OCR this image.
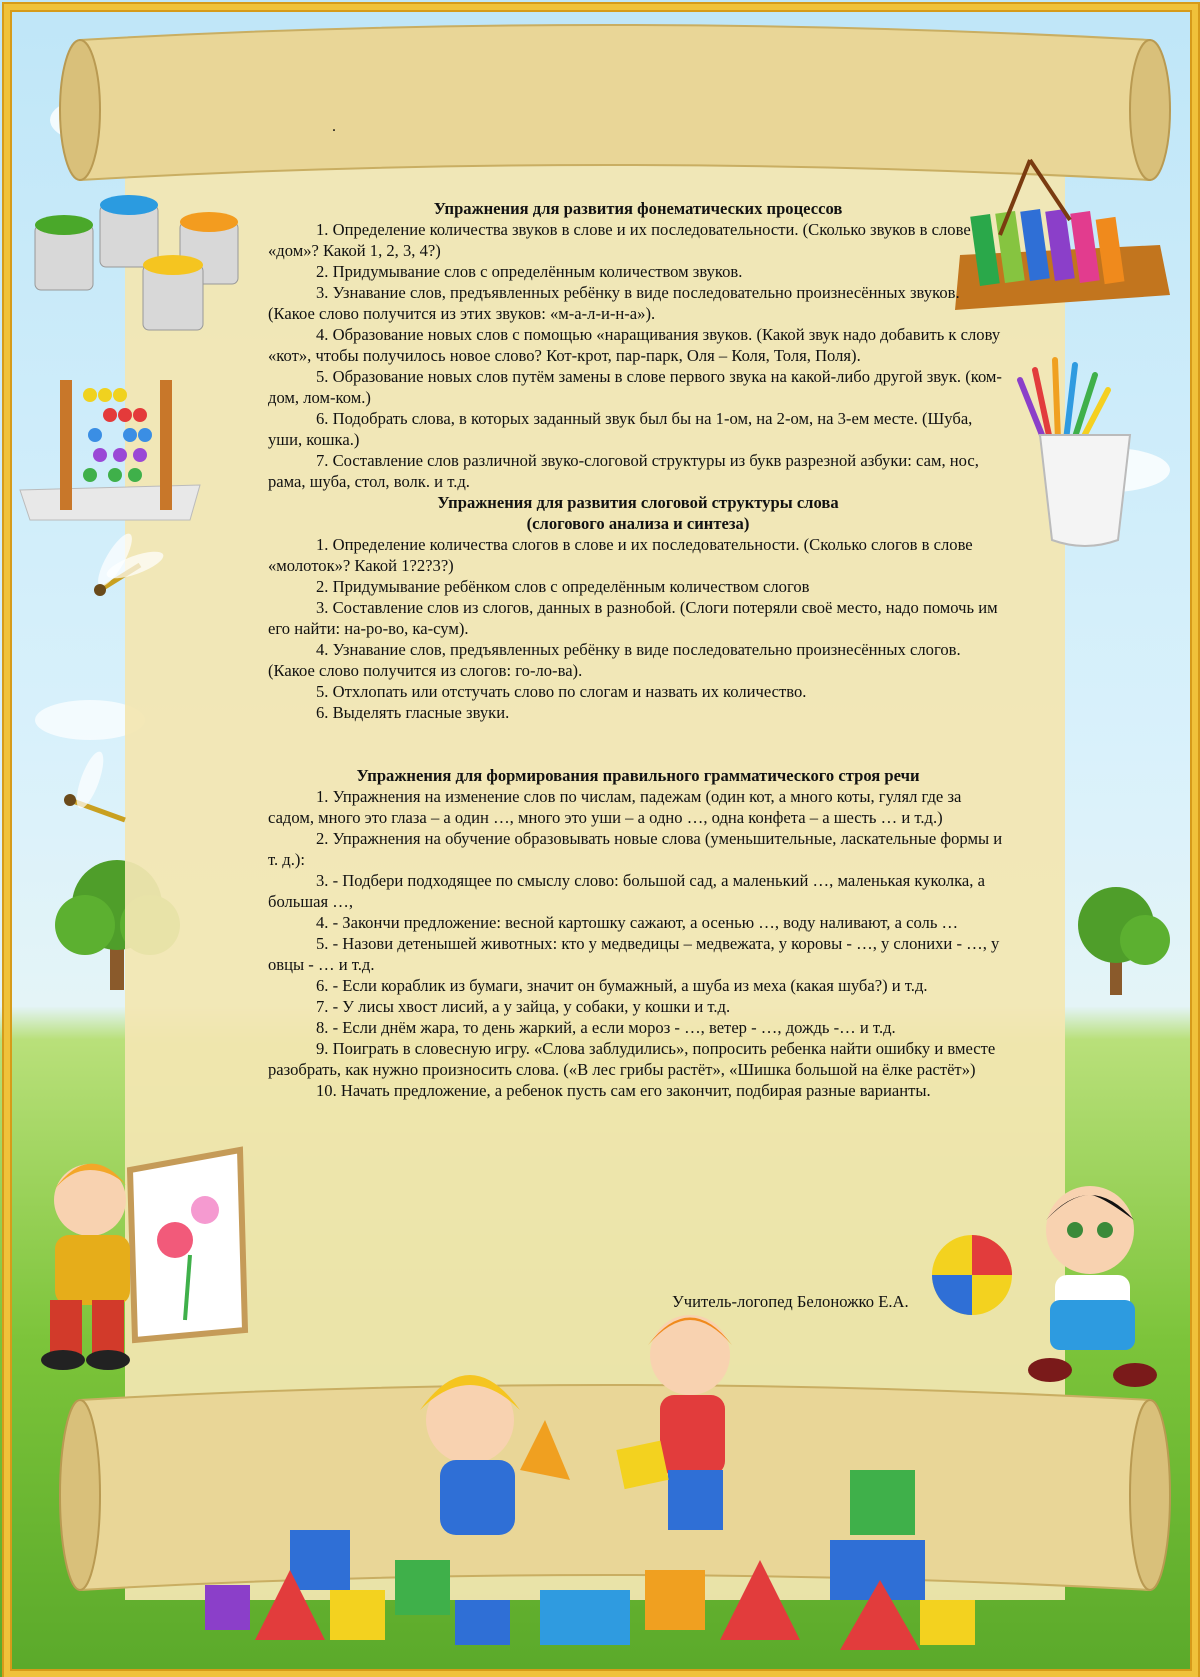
.
Упражнения для развития фонематических процессов

1. Определение количества звуков в слове и их последовательности. (Сколько звуков в слове «дом»? Какой 1, 2, 3, 4?)

2. Придумывание слов с определённым количеством звуков.

3. Узнавание слов, предъявленных ребёнку в виде последовательно произнесённых звуков. (Какое слово получится из этих звуков: «м-а-л-и-н-а»).

4. Образование новых слов с помощью «наращивания звуков. (Какой звук надо добавить к слову «кот», чтобы получилось новое слово? Кот-крот, пар-парк, Оля – Коля, Толя, Поля).

5. Образование новых слов путём замены в слове первого звука на какой-либо другой звук. (ком-дом, лом-ком.)

6. Подобрать слова, в которых заданный звук был бы на 1-ом, на 2-ом, на 3-ем месте. (Шуба, уши, кошка.)

7. Составление слов различной звуко-слоговой структуры из букв разрезной азбуки: сам, нос, рама, шуба, стол, волк. и т.д.

Упражнения для развития слоговой структуры слова
(слогового анализа и синтеза)

1. Определение количества слогов в слове и их последовательности. (Сколько слогов в слове «молоток»? Какой 1?2?3?)

2. Придумывание ребёнком слов с определённым количеством слогов

3. Составление слов из слогов, данных в разнобой. (Слоги потеряли своё место, надо помочь им его найти: на-ро-во, ка-сум).

4. Узнавание слов, предъявленных ребёнку в виде последовательно произнесённых слогов. (Какое слово получится из слогов: го-ло-ва).

5. Отхлопать или отстучать слово по слогам и назвать их количество.

6. Выделять гласные звуки.

Упражнения для формирования правильного грамматического строя речи

1. Упражнения на изменение слов по числам, падежам (один кот, а много коты, гулял где за садом, много это глаза – а один …, много это уши – а одно …, одна конфета – а шесть … и т.д.)

2. Упражнения на обучение образовывать новые слова (уменьшительные, ласкательные формы и т. д.):

3. - Подбери подходящее по смыслу слово: большой сад, а маленький …, маленькая куколка, а большая …,

4. - Закончи предложение: весной картошку сажают, а осенью …, воду наливают, а соль …

5. - Назови детенышей животных: кто у медведицы – медвежата, у коровы - …, у слонихи - …, у овцы - … и т.д.

6. - Если кораблик из бумаги, значит он бумажный, а шуба из меха (какая шуба?) и т.д.

7. - У лисы хвост лисий, а у зайца, у собаки, у кошки и т.д.

8. - Если днём жара, то день жаркий, а если мороз - …, ветер - …, дождь -… и т.д.

9. Поиграть в словесную игру. «Слова заблудились», попросить ребенка найти ошибку и вместе разобрать, как нужно произносить слова. («В лес грибы растёт», «Шишка большой на ёлке растёт»)

10. Начать предложение, а ребенок пусть сам его закончит, подбирая разные варианты.

Учитель-логопед Белоножко Е.А.
